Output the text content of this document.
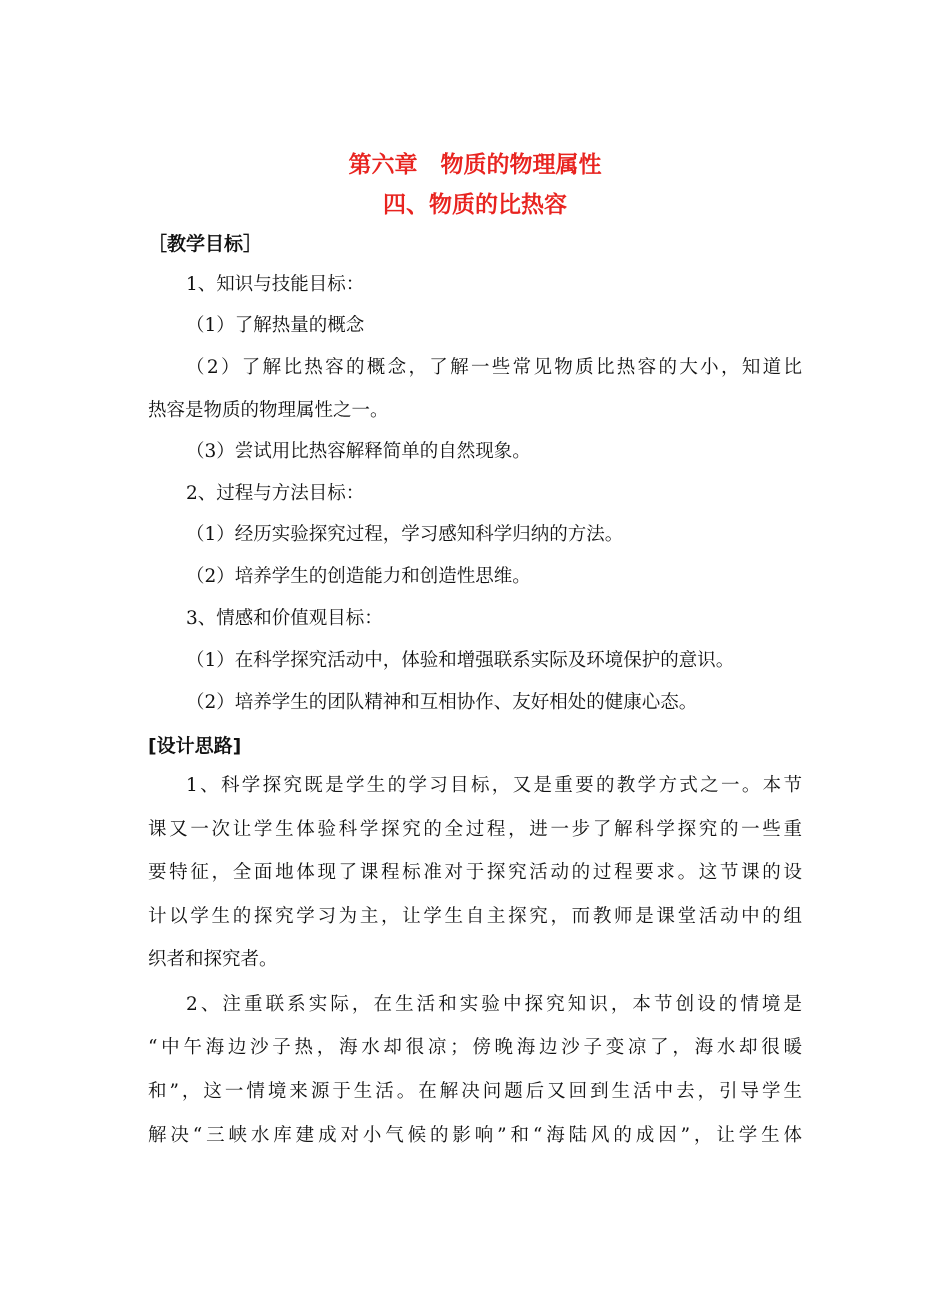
第六章　物质的物理属性
四、物质的比热容
［教学目标］
1、知识与技能目标：
（1）了解热量的概念
（2）了解比热容的概念，了解一些常见物质比热容的大小，知道比
热容是物质的物理属性之一。
（3）尝试用比热容解释简单的自然现象。
2、过程与方法目标：
（1）经历实验探究过程，学习感知科学归纳的方法。
（2）培养学生的创造能力和创造性思维。
3、情感和价值观目标：
（1）在科学探究活动中，体验和增强联系实际及环境保护的意识。
（2）培养学生的团队精神和互相协作、友好相处的健康心态。
[设计思路]
1、科学探究既是学生的学习目标，又是重要的教学方式之一。本节
课又一次让学生体验科学探究的全过程，进一步了解科学探究的一些重
要特征，全面地体现了课程标准对于探究活动的过程要求。这节课的设
计以学生的探究学习为主，让学生自主探究，而教师是课堂活动中的组
织者和探究者。
2、注重联系实际，在生活和实验中探究知识，本节创设的情境是
“中午海边沙子热，海水却很凉；傍晚海边沙子变凉了，海水却很暖
和”，这一情境来源于生活。在解决问题后又回到生活中去，引导学生
解决“三峡水库建成对小气候的影响”和“海陆风的成因”，让学生体
